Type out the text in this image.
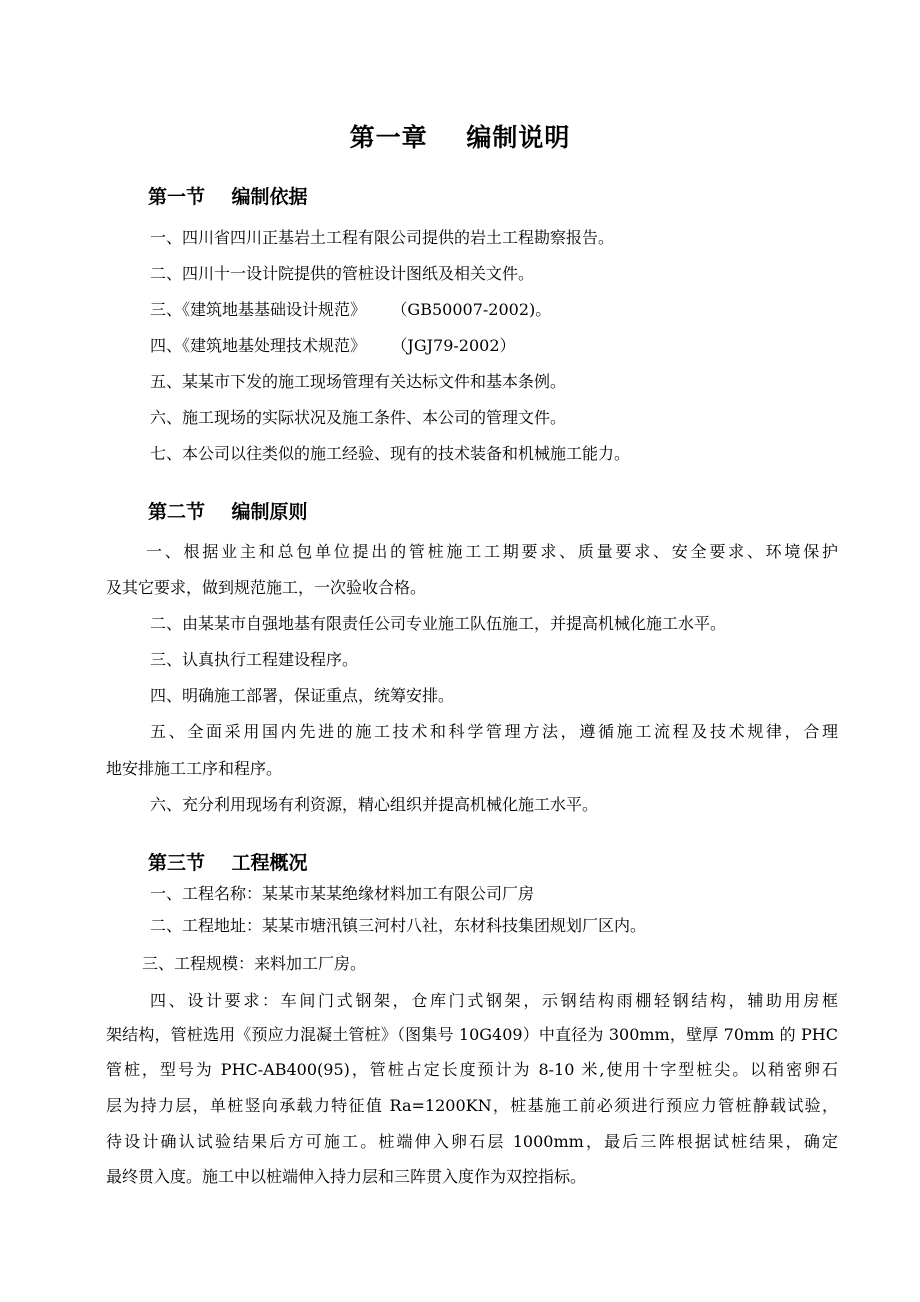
第一章    编制说明
第一节    编制依据

一、四川省四川正基岩土工程有限公司提供的岩土工程勘察报告。

二、四川十一设计院提供的管桩设计图纸及相关文件。

三、《建筑地基基础设计规范》     （GB50007-2002)。

四、《建筑地基处理技术规范》     （JGJ79-2002）

五、某某市下发的施工现场管理有关达标文件和基本条例。

六、施工现场的实际状况及施工条件、本公司的管理文件。

七、本公司以往类似的施工经验、现有的技术装备和机械施工能力。

第二节    编制原则

一、根据业主和总包单位提出的管桩施工工期要求、质量要求、安全要求、环境保护

及其它要求，做到规范施工，一次验收合格。

二、由某某市自强地基有限责任公司专业施工队伍施工，并提高机械化施工水平。

三、认真执行工程建设程序。

四、明确施工部署，保证重点，统筹安排。

五、全面采用国内先进的施工技术和科学管理方法，遵循施工流程及技术规律，合理

地安排施工工序和程序。

六、充分利用现场有利资源，精心组织并提高机械化施工水平。

第三节    工程概况

一、工程名称：某某市某某绝缘材料加工有限公司厂房

二、工程地址：某某市塘汛镇三河村八社，东材科技集团规划厂区内。

三、工程规模：来料加工厂房。

四、设计要求：车间门式钢架，仓库门式钢架，示钢结构雨棚轻钢结构，辅助用房框

架结构，管桩选用《预应力混凝土管桩》（图集号 10G409）中直径为 300mm，壁厚 70mm 的 PHC

管桩，型号为 PHC-AB400(95)，管桩占定长度预计为 8-10 米,使用十字型桩尖。以稍密卵石

层为持力层，单桩竖向承载力特征值 Ra=1200KN，桩基施工前必须进行预应力管桩静载试验，

待设计确认试验结果后方可施工。桩端伸入卵石层 1000mm，最后三阵根据试桩结果，确定

最终贯入度。施工中以桩端伸入持力层和三阵贯入度作为双控指标。
